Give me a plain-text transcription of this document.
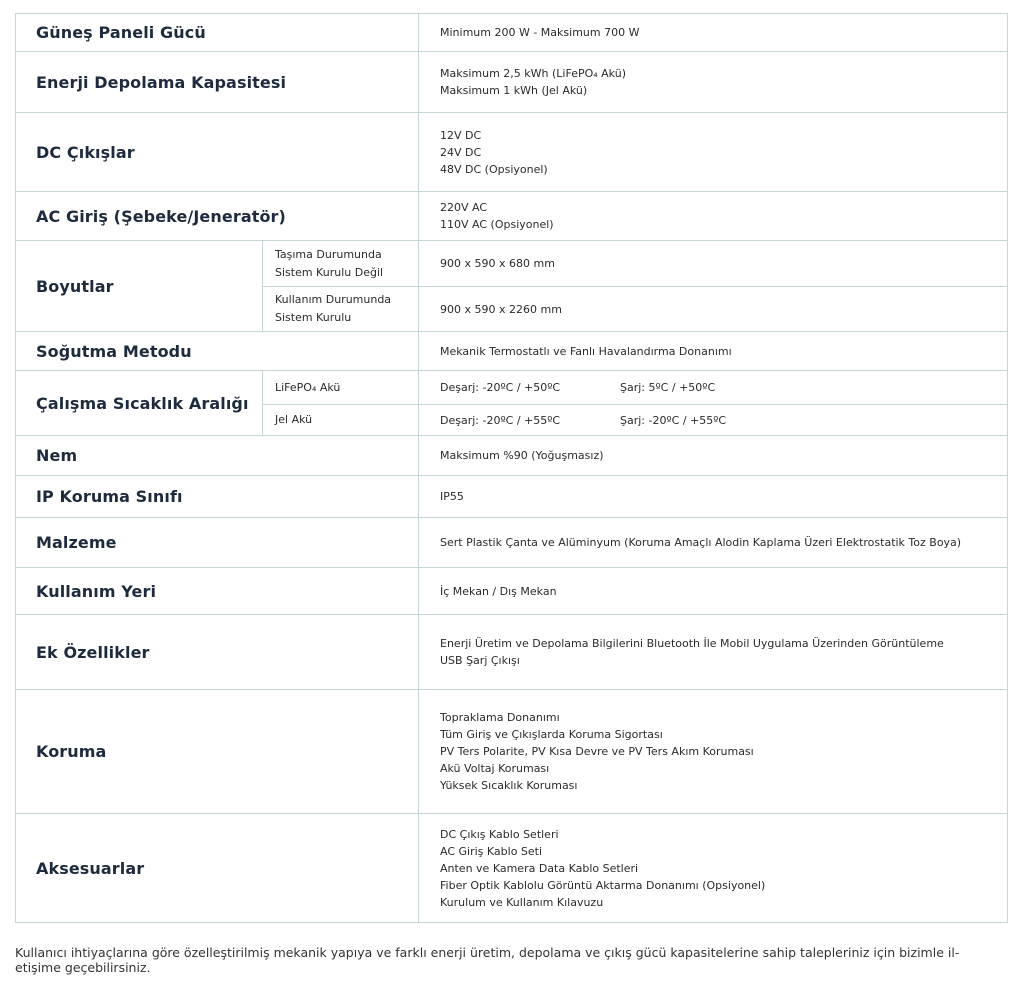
Güneş Paneli Gücü		Minimum 200 W - Maksimum 700 W

Enerji Depolama Kapasitesi		Maksimum 2,5 kWh (LiFePO₄ Akü)
Maksimum 1 kWh (Jel Akü)

DC Çıkışlar		12V DC
24V DC
48V DC (Opsiyonel)

AC Giriş (Şebeke/Jeneratör)		220V AC
110V AC (Opsiyonel)

Boyutlar	Taşıma Durumunda Sistem Kurulu Değil	900 x 590 x 680 mm
	Kullanım Durumunda Sistem Kurulu	900 x 590 x 2260 mm
Soğutma Metodu		Mekanik Termostatlı ve Fanlı Havalandırma Donanımı

Çalışma Sıcaklık Aralığı	LiFePO₄ Akü	Deşarj: -20ºC / +50ºC Şarj: 5ºC / +50ºC

	Jel Akü	Deşarj: -20ºC / +55ºC Şarj: -20ºC / +55ºC

Nem		Maksimum %90 (Yoğuşmasız)

IP Koruma Sınıfı		IP55

Malzeme		Sert Plastik Çanta ve Alüminyum (Koruma Amaçlı Alodin Kaplama Üzeri Elektrostatik Toz Boya)

Kullanım Yeri		İç Mekan / Dış Mekan

Ek Özellikler		Enerji Üretim ve Depolama Bilgilerini Bluetooth İle Mobil Uygulama Üzerinden Görüntüleme
USB Şarj Çıkışı

Koruma		Topraklama Donanımı
Tüm Giriş ve Çıkışlarda Koruma Sigortası
PV Ters Polarite, PV Kısa Devre ve PV Ters Akım Koruması
Akü Voltaj Koruması
Yüksek Sıcaklık Koruması

Aksesuarlar		DC Çıkış Kablo Setleri
AC Giriş Kablo Seti
Anten ve Kamera Data Kablo Setleri
Fiber Optik Kablolu Görüntü Aktarma Donanımı (Opsiyonel)
Kurulum ve Kullanım Kılavuzu

Kullanıcı ihtiyaçlarına göre özelleştirilmiş mekanik yapıya ve farklı enerji üretim, depolama ve çıkış gücü kapasitelerine sahip talepleriniz için bizimle il-etişime geçebilirsiniz.
